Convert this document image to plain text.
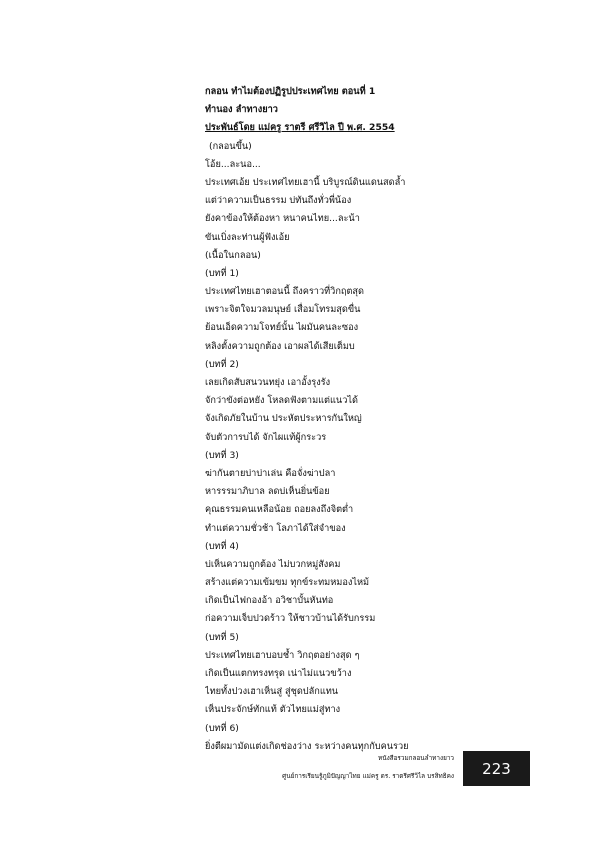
กลอน ทำไมต้องปฏิรูปประเทศไทย ตอนที่ 1
ทำนอง ลำทางยาว
ประพันธ์โดย แม่ครู ราตรี ศรีวิไล ปี พ.ศ. 2554
(กลอนขึ้น)
โอ้ย...ละนอ...
ประเทศเอ้ย ประเทศไทยเฮานี้ บริบูรณ์ดินแดนสดล้ำ
แต่ว่าความเป็นธรรม บ่ทันถึงทั่วพี่น้อง
ยังคาข้องให้ต้องหา หนาคนไทย...ละน้า
ขันเบิ่งละท่านผู้ฟังเอ้ย
(เนื้อในกลอน)
(บทที่ 1)
ประเทศไทยเฮาตอนนี้ ถึงคราวที่วิกฤตสุด
เพราะจิตใจมวลมนุษย์ เสื่อมโทรมสุดขื่น
ย้อนเอ็ดความโจทย์นั้น ไผมันคนละซอง
หลิงตั้งความถูกต้อง เอาผลได้เสียเต็มบ
(บทที่ 2)
เลยเกิดสับสนวนทยุ่ง เอาอั้งรุงรัง
จักว่าขังต่อหยัง โหลดฟังตามแต่แนวได้
จังเกิดภัยในบ้าน ประหัตประหารกันใหญ่
จับตัวการบได้ จักไผแท้ผู้กระวร
(บทที่ 3)
ฆ่ากันตายบ่าบ่าเล่น คือจั่งฆ่าปลา
หารรรมาภิบาล ลดบ่เห็นยิ่นข้อย
คุณธรรมคนเหลือน้อย ถอยลงถึงจิตต่ำ
ทำแต่ความชั่วช้า โลภาได้ใส่จำของ
(บทที่ 4)
บ่เห็นความถูกต้อง ไม่บวกหมู่สังคม
สร้างแต่ความเข้มขม ทุกข์ระทมหมองไหม้
เกิดเป็นไฟกองอ้า อวิชาบั้นหันท่อ
ก่อความเจ็บปวดร้าว ให้ชาวบ้านได้รับกรรม
(บทที่ 5)
ประเทศไทยเฮาบอบช้ำ วิกฤตอย่างสุด ๆ
เกิดเป็นแตกทรงทรุด เน่าไม่แนวขว้าง
ไทยทั้งปวงเฮาเห็นสู่ สู่ชุดปลักแทน
เห็นประจักษ์ทักแท้ ตัวไทยแม่สู่ทาง
(บทที่ 6)
ยิ่งตีผมามัดแต่งเกิดช่องว่าง ระหว่างคนทุกกับคนรวย
หนังสือรวมกลอนลำทางยาว
ศูนย์การเรียนรู้ภูมิปัญญาไทย แม่ครู ดร. ราตรีศรีวิไล บรสิทธิคง	223
